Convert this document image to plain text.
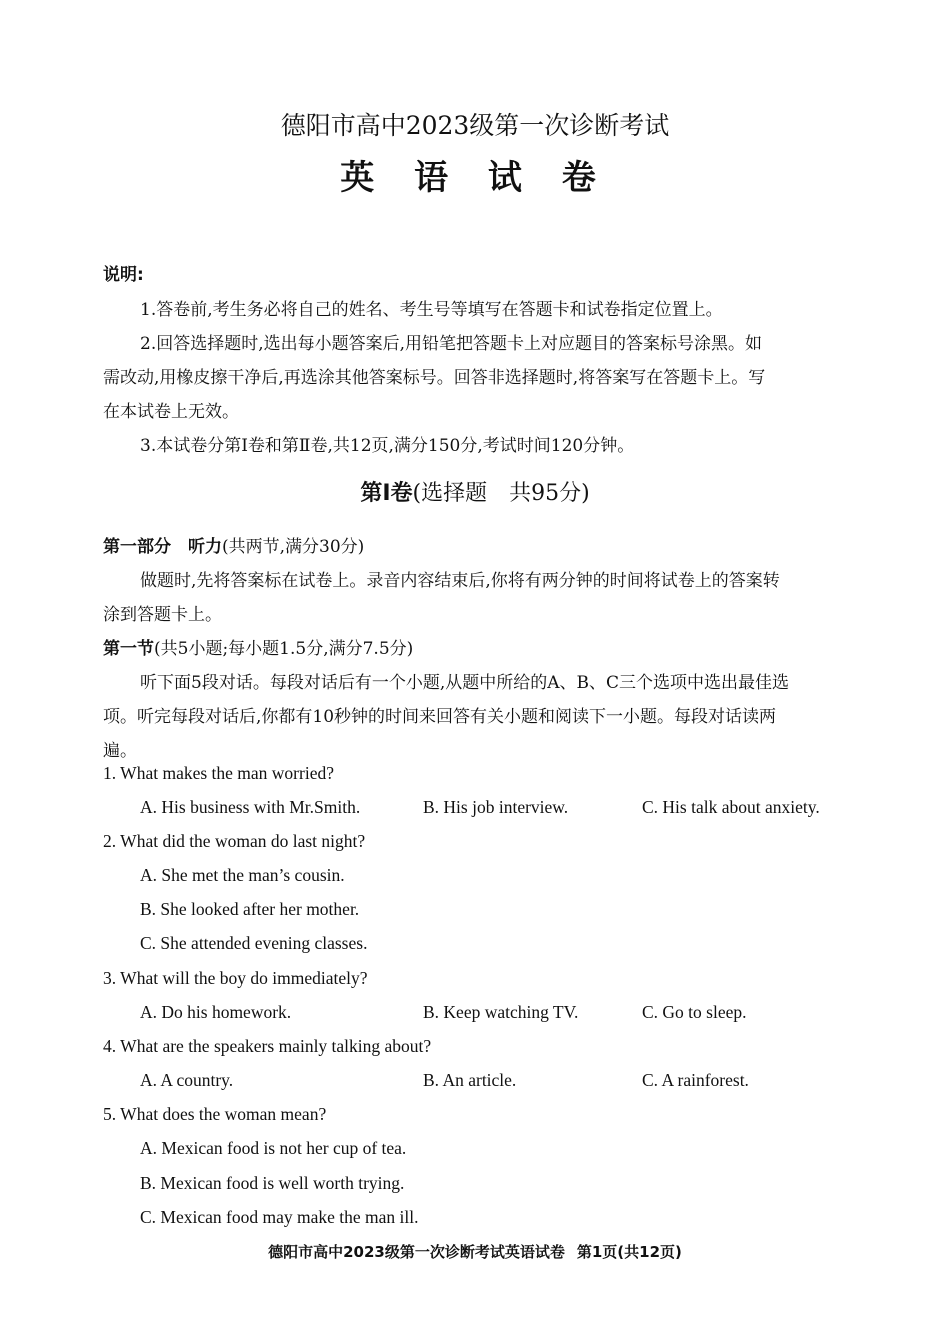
德阳市高中2023级第一次诊断考试
英 语 试 卷
说明:
1.答卷前,考生务必将自己的姓名、考生号等填写在答题卡和试卷指定位置上。
2.回答选择题时,选出每小题答案后,用铅笔把答题卡上对应题目的答案标号涂黑。如
需改动,用橡皮擦干净后,再选涂其他答案标号。回答非选择题时,将答案写在答题卡上。写
在本试卷上无效。
3.本试卷分第Ⅰ卷和第Ⅱ卷,共12页,满分150分,考试时间120分钟。
第Ⅰ卷(选择题　共95分)
第一部分　听力(共两节,满分30分)
做题时,先将答案标在试卷上。录音内容结束后,你将有两分钟的时间将试卷上的答案转
涂到答题卡上。
第一节(共5小题;每小题1.5分,满分7.5分)
听下面5段对话。每段对话后有一个小题,从题中所给的A、B、C三个选项中选出最佳选
项。听完每段对话后,你都有10秒钟的时间来回答有关小题和阅读下一小题。每段对话读两
遍。
1. What makes the man worried?
A. His business with Mr.Smith.	B. His job interview.	C. His talk about anxiety.
2. What did the woman do last night?
A. She met the man’s cousin.
B. She looked after her mother.
C. She attended evening classes.
3. What will the boy do immediately?
A. Do his homework.	B. Keep watching TV.	C. Go to sleep.
4. What are the speakers mainly talking about?
A. A country.	B. An article.	C. A rainforest.
5. What does the woman mean?
A. Mexican food is not her cup of tea.
B. Mexican food is well worth trying.
C. Mexican food may make the man ill.
德阳市高中2023级第一次诊断考试英语试卷 第1页(共12页)
